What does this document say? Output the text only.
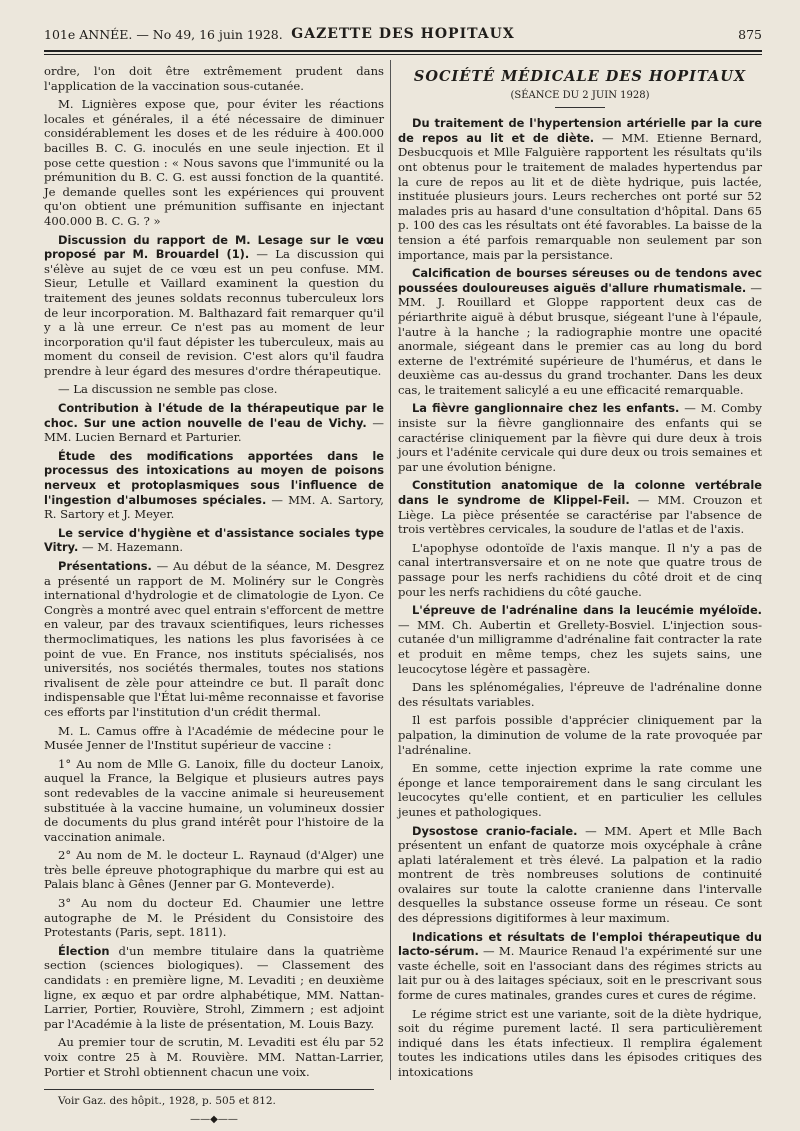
101e ANNÉE. — No 49, 16 juin 1928. GAZETTE DES HOPITAUX	875

ordre, l'on doit être extrêmement prudent dans l'application de la vaccination sous-cutanée.

M. Lignières expose que, pour éviter les réactions locales et générales, il a été nécessaire de diminuer considérablement les doses et de les réduire à 400.000 bacilles B. C. G. inoculés en une seule injection. Et il pose cette question : « Nous savons que l'immunité ou la prémunition du B. C. G. est aussi fonction de la quantité. Je demande quelles sont les expériences qui prouvent qu'on obtient une prémunition suffisante en injectant 400.000 B. C. G. ? »

Discussion du rapport de M. Lesage sur le vœu proposé par M. Brouardel (1). — La discussion qui s'élève au sujet de ce vœu est un peu confuse. MM. Sieur, Letulle et Vaillard examinent la question du traitement des jeunes soldats reconnus tuberculeux lors de leur incorporation. M. Balthazard fait remarquer qu'il y a là une erreur. Ce n'est pas au moment de leur incorporation qu'il faut dépister les tuberculeux, mais au moment du conseil de revision. C'est alors qu'il faudra prendre à leur égard des mesures d'ordre thérapeutique.

— La discussion ne semble pas close.

Contribution à l'étude de la thérapeutique par le choc. Sur une action nouvelle de l'eau de Vichy. — MM. Lucien Bernard et Parturier.

Étude des modifications apportées dans le processus des intoxications au moyen de poisons nerveux et protoplasmiques sous l'influence de l'ingestion d'albumoses spéciales. — MM. A. Sartory, R. Sartory et J. Meyer.

Le service d'hygiène et d'assistance sociales type Vitry. — M. Hazemann.

Présentations. — Au début de la séance, M. Desgrez a présenté un rapport de M. Molinéry sur le Congrès international d'hydrologie et de climatologie de Lyon. Ce Congrès a montré avec quel entrain s'efforcent de mettre en valeur, par des travaux scientifiques, leurs richesses thermoclimatiques, les nations les plus favorisées à ce point de vue. En France, nos instituts spécialisés, nos universités, nos sociétés thermales, toutes nos stations rivalisent de zèle pour atteindre ce but. Il paraît donc indispensable que l'État lui-même reconnaisse et favorise ces efforts par l'institution d'un crédit thermal.

M. L. Camus offre à l'Académie de médecine pour le Musée Jenner de l'Institut supérieur de vaccine :

1° Au nom de Mlle G. Lanoix, fille du docteur Lanoix, auquel la France, la Belgique et plusieurs autres pays sont redevables de la vaccine animale si heureusement substituée à la vaccine humaine, un volumineux dossier de documents du plus grand intérêt pour l'histoire de la vaccination animale.

2° Au nom de M. le docteur L. Raynaud (d'Alger) une très belle épreuve photographique du marbre qui est au Palais blanc à Gênes (Jenner par G. Monteverde).

3° Au nom du docteur Ed. Chaumier une lettre autographe de M. le Président du Consistoire des Protestants (Paris, sept. 1811).

Élection d'un membre titulaire dans la quatrième section (sciences biologiques). — Classement des candidats : en première ligne, M. Levaditi ; en deuxième ligne, ex æquo et par ordre alphabétique, MM. Nattan-Larrier, Portier, Rouvière, Strohl, Zimmern ; est adjoint par l'Académie à la liste de présentation, M. Louis Bazy.

Au premier tour de scrutin, M. Levaditi est élu par 52 voix contre 25 à M. Rouvière. MM. Nattan-Larrier, Portier et Strohl obtiennent chacun une voix.

Voir Gaz. des hôpit., 1928, p. 505 et 812.

——◆——

SOCIÉTÉ MÉDICALE DES HOPITAUX

(SÉANCE DU 2 JUIN 1928)

Du traitement de l'hypertension artérielle par la cure de repos au lit et de diète. — MM. Etienne Bernard, Desbucquois et Mlle Falguière rapportent les résultats qu'ils ont obtenus pour le traitement de malades hypertendus par la cure de repos au lit et de diète hydrique, puis lactée, instituée plusieurs jours. Leurs recherches ont porté sur 52 malades pris au hasard d'une consultation d'hôpital. Dans 65 p. 100 des cas les résultats ont été favorables. La baisse de la tension a été parfois remarquable non seulement par son importance, mais par la persistance.

Calcification de bourses séreuses ou de tendons avec poussées douloureuses aiguës d'allure rhumatismale. — MM. J. Rouillard et Gloppe rapportent deux cas de périarthrite aiguë à début brusque, siégeant l'une à l'épaule, l'autre à la hanche ; la radiographie montre une opacité anormale, siégeant dans le premier cas au long du bord externe de l'extrémité supérieure de l'humérus, et dans le deuxième cas au-dessus du grand trochanter. Dans les deux cas, le traitement salicylé a eu une efficacité remarquable.

La fièvre ganglionnaire chez les enfants. — M. Comby insiste sur la fièvre ganglionnaire des enfants qui se caractérise cliniquement par la fièvre qui dure deux à trois jours et l'adénite cervicale qui dure deux ou trois semaines et par une évolution bénigne.

Constitution anatomique de la colonne vertébrale dans le syndrome de Klippel-Feil. — MM. Crouzon et Liège. La pièce présentée se caractérise par l'absence de trois vertèbres cervicales, la soudure de l'atlas et de l'axis.

L'apophyse odontoïde de l'axis manque. Il n'y a pas de canal intertransversaire et on ne note que quatre trous de passage pour les nerfs rachidiens du côté droit et de cinq pour les nerfs rachidiens du côté gauche.

L'épreuve de l'adrénaline dans la leucémie myéloïde. — MM. Ch. Aubertin et Grellety-Bosviel. L'injection sous-cutanée d'un milligramme d'adrénaline fait contracter la rate et produit en même temps, chez les sujets sains, une leucocytose légère et passagère.

Dans les splénomégalies, l'épreuve de l'adrénaline donne des résultats variables.

Il est parfois possible d'apprécier cliniquement par la palpation, la diminution de volume de la rate provoquée par l'adrénaline.

En somme, cette injection exprime la rate comme une éponge et lance temporairement dans le sang circulant les leucocytes qu'elle contient, et en particulier les cellules jeunes et pathologiques.

Dysostose cranio-faciale. — MM. Apert et Mlle Bach présentent un enfant de quatorze mois oxycéphale à crâne aplati latéralement et très élevé. La palpation et la radio montrent de très nombreuses solutions de continuité ovalaires sur toute la calotte cranienne dans l'intervalle desquelles la substance osseuse forme un réseau. Ce sont des dépressions digitiformes à leur maximum.

Indications et résultats de l'emploi thérapeutique du lacto-sérum. — M. Maurice Renaud l'a expérimenté sur une vaste échelle, soit en l'associant dans des régimes stricts au lait pur ou à des laitages spéciaux, soit en le prescrivant sous forme de cures matinales, grandes cures et cures de régime.

Le régime strict est une variante, soit de la diète hydrique, soit du régime purement lacté. Il sera particulièrement indiqué dans les états infectieux. Il remplira également toutes les indications utiles dans les épisodes critiques des intoxications
